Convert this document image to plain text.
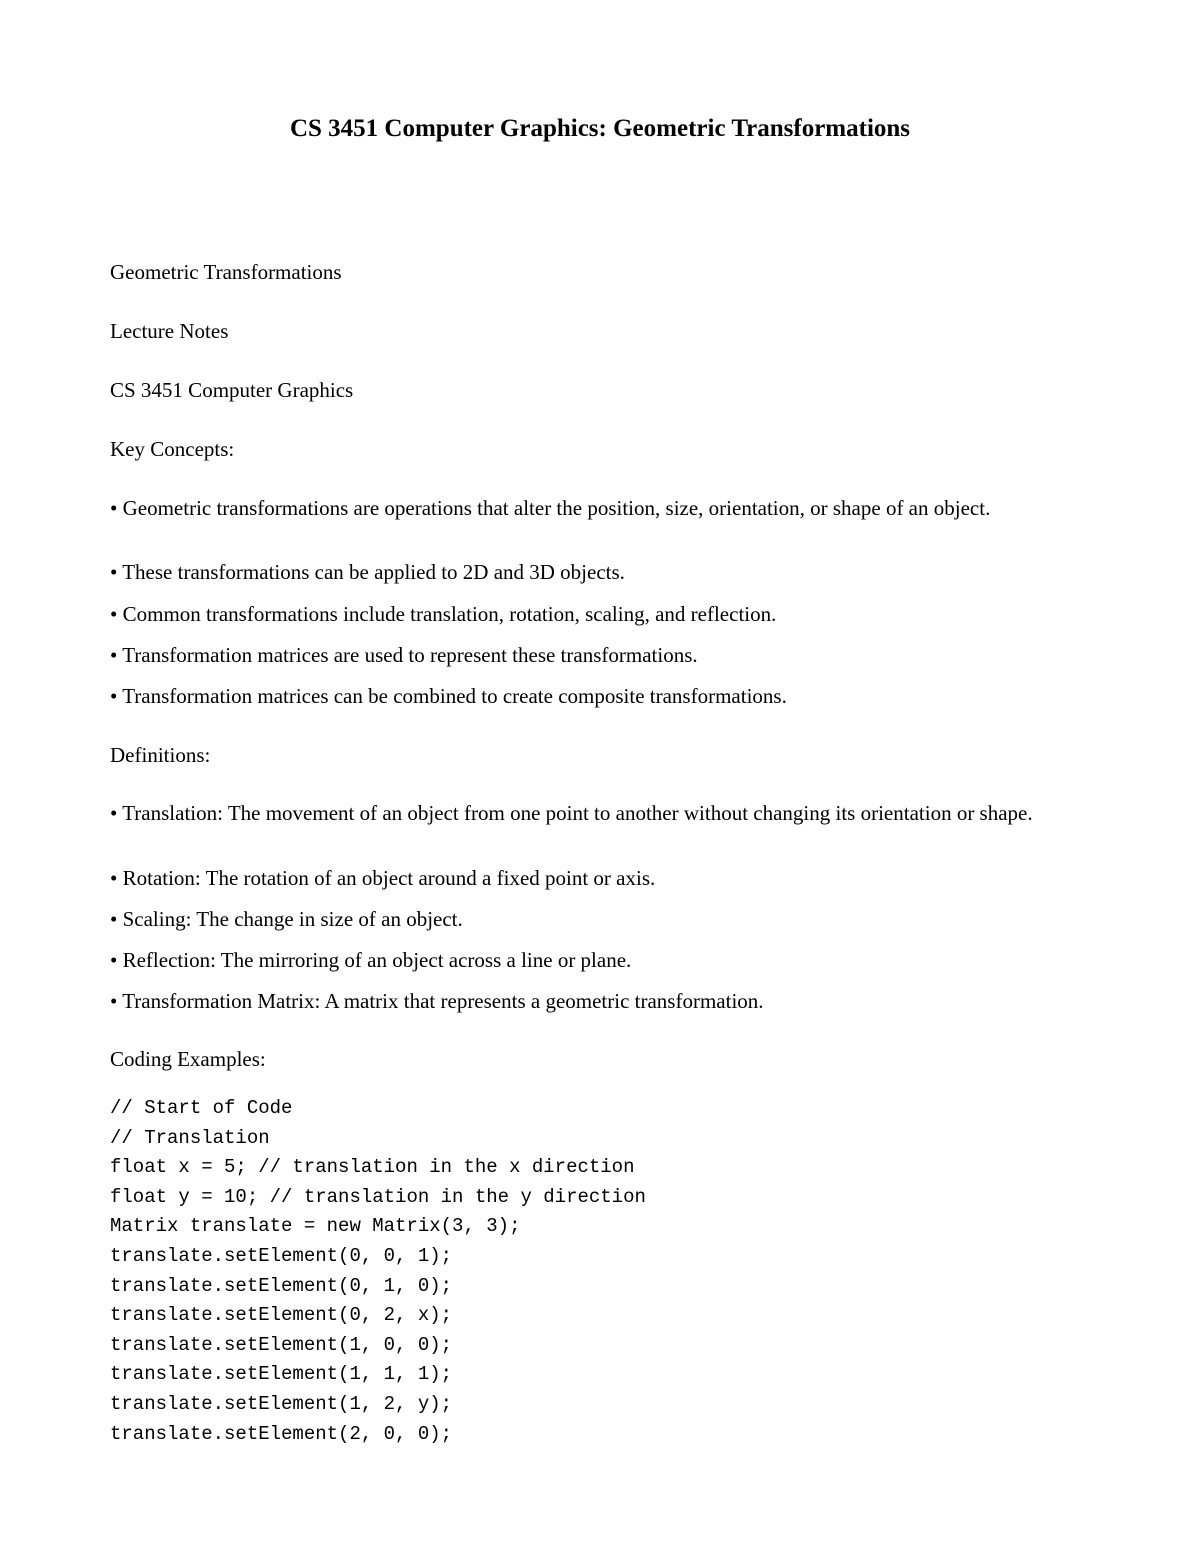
CS 3451 Computer Graphics: Geometric Transformations

Geometric Transformations

Lecture Notes

CS 3451 Computer Graphics

Key Concepts:

• Geometric transformations are operations that alter the position, size, orientation, or shape of an object.

• These transformations can be applied to 2D and 3D objects.

• Common transformations include translation, rotation, scaling, and reflection.

• Transformation matrices are used to represent these transformations.

• Transformation matrices can be combined to create composite transformations.

Definitions:

• Translation: The movement of an object from one point to another without changing its orientation or shape.

• Rotation: The rotation of an object around a fixed point or axis.

• Scaling: The change in size of an object.

• Reflection: The mirroring of an object across a line or plane.

• Transformation Matrix: A matrix that represents a geometric transformation.

Coding Examples:

// Start of Code
// Translation
float x = 5; // translation in the x direction
float y = 10; // translation in the y direction
Matrix translate = new Matrix(3, 3);
translate.setElement(0, 0, 1);
translate.setElement(0, 1, 0);
translate.setElement(0, 2, x);
translate.setElement(1, 0, 0);
translate.setElement(1, 1, 1);
translate.setElement(1, 2, y);
translate.setElement(2, 0, 0);
